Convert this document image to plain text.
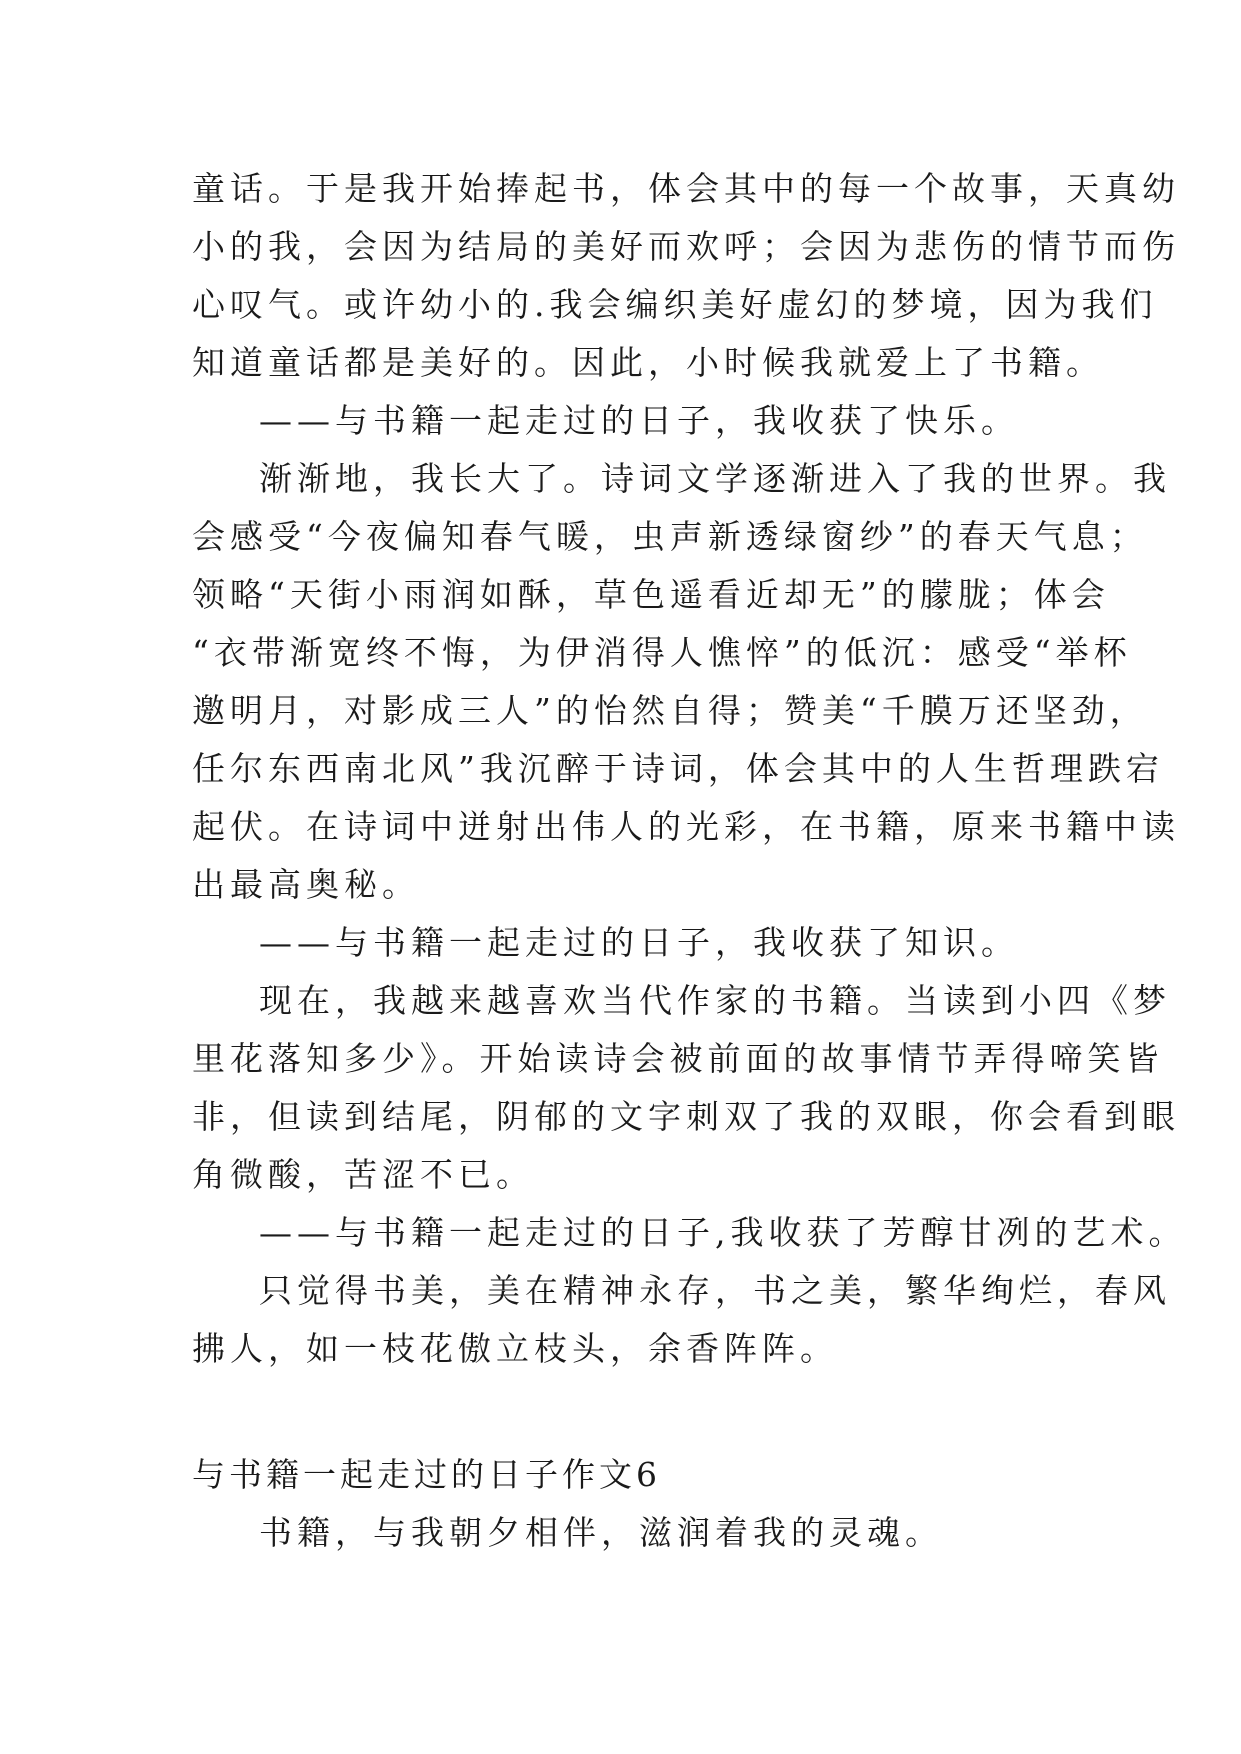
童话。于是我开始捧起书，体会其中的每一个故事，天真幼
小的我，会因为结局的美好而欢呼；会因为悲伤的情节而伤
心叹气。或许幼小的.我会编织美好虚幻的梦境，因为我们
知道童话都是美好的。因此，小时候我就爱上了书籍。
——与书籍一起走过的日子，我收获了快乐。
渐渐地，我长大了。诗词文学逐渐进入了我的世界。我
会感受“今夜偏知春气暖，虫声新透绿窗纱”的春天气息；
领略“天街小雨润如酥，草色遥看近却无”的朦胧；体会
“衣带渐宽终不悔，为伊消得人憔悴”的低沉：感受“举杯
邀明月，对影成三人”的怡然自得；赞美“千膜万还坚劲，
任尔东西南北风”我沉醉于诗词，体会其中的人生哲理跌宕
起伏。在诗词中迸射出伟人的光彩，在书籍，原来书籍中读
出最高奥秘。
——与书籍一起走过的日子，我收获了知识。
现在，我越来越喜欢当代作家的书籍。当读到小四《梦
里花落知多少》。开始读诗会被前面的故事情节弄得啼笑皆
非，但读到结尾，阴郁的文字刺双了我的双眼，你会看到眼
角微酸，苦涩不已。
——与书籍一起走过的日子,我收获了芳醇甘冽的艺术。
只觉得书美，美在精神永存，书之美，繁华绚烂，春风
拂人，如一枝花傲立枝头，余香阵阵。
与书籍一起走过的日子作文6
书籍，与我朝夕相伴，滋润着我的灵魂。
